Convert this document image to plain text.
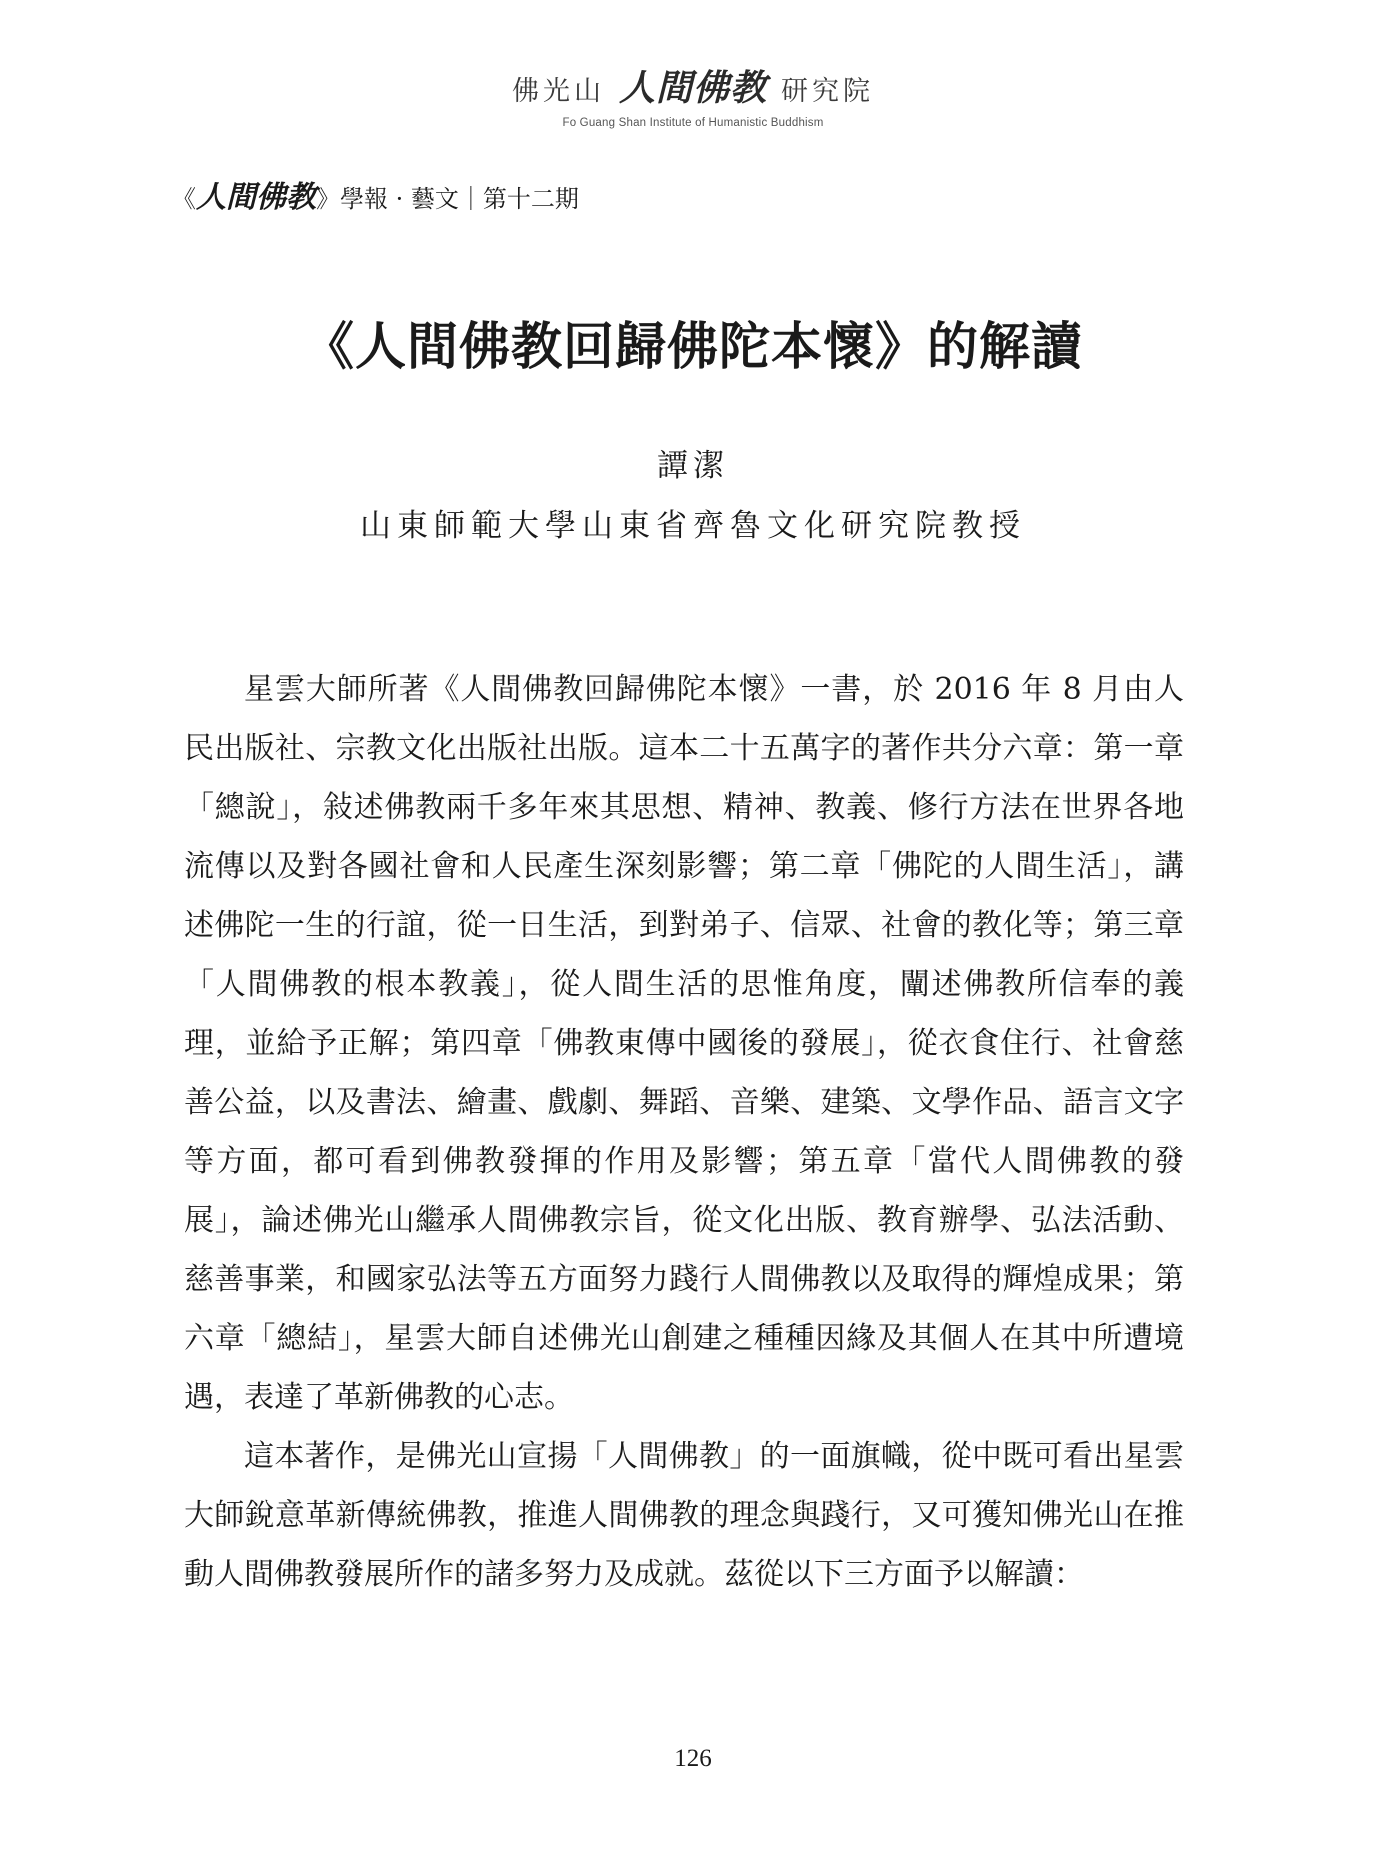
佛光山 人間佛教 研究院
Fo Guang Shan Institute of Humanistic Buddhism
《 人間佛教 》學報 · 藝文｜第十二期
《人間佛教回歸佛陀本懷》的解讀
譚潔
山東師範大學山東省齊魯文化研究院教授

星雲大師所著《人間佛教回歸佛陀本懷》一書，於 2016 年 8 月由人民出版社、宗教文化出版社出版。這本二十五萬字的著作共分六章：第一章「總說」，敍述佛教兩千多年來其思想、精神、教義、修行方法在世界各地流傳以及對各國社會和人民產生深刻影響；第二章「佛陀的人間生活」，講述佛陀一生的行誼，從一日生活，到對弟子、信眾、社會的教化等；第三章「人間佛教的根本教義」，從人間生活的思惟角度，闡述佛教所信奉的義理，並給予正解；第四章「佛教東傳中國後的發展」，從衣食住行、社會慈善公益，以及書法、繪畫、戲劇、舞蹈、音樂、建築、文學作品、語言文字等方面，都可看到佛教發揮的作用及影響；第五章「當代人間佛教的發展」，論述佛光山繼承人間佛教宗旨，從文化出版、教育辦學、弘法活動、慈善事業，和國家弘法等五方面努力踐行人間佛教以及取得的輝煌成果；第六章「總結」，星雲大師自述佛光山創建之種種因緣及其個人在其中所遭境遇，表達了革新佛教的心志。

這本著作，是佛光山宣揚「人間佛教」的一面旗幟，從中既可看出星雲大師銳意革新傳統佛教，推進人間佛教的理念與踐行，又可獲知佛光山在推動人間佛教發展所作的諸多努力及成就。茲從以下三方面予以解讀：

126
